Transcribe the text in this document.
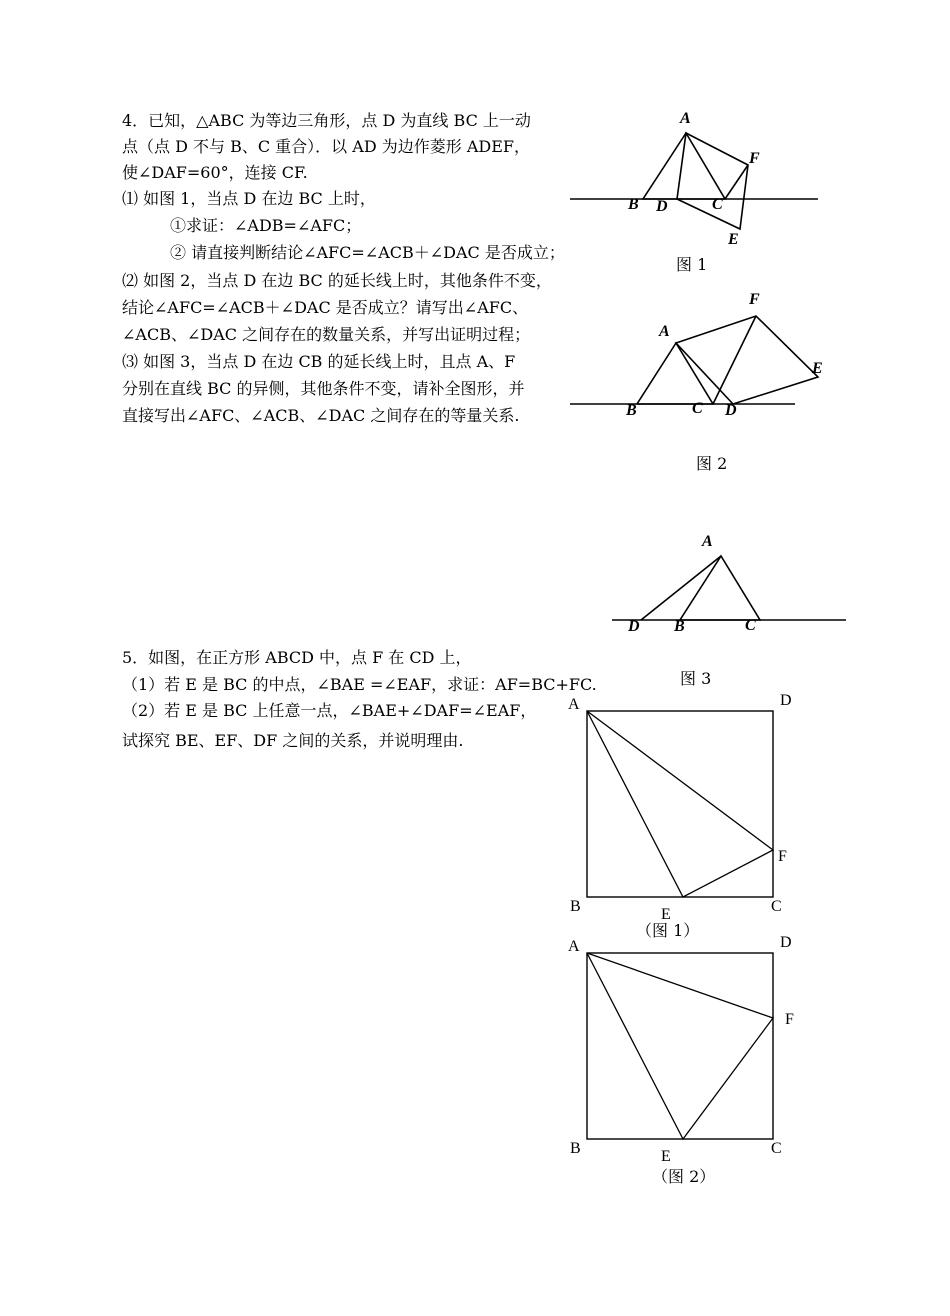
4．已知，△ABC 为等边三角形，点 D 为直线 BC 上一动
点（点 D 不与 B、C 重合）．以 AD 为边作菱形 ADEF，
使∠DAF=60°，连接 CF.
⑴ 如图 1，当点 D 在边 BC 上时，
①求证：∠ADB=∠AFC；
② 请直接判断结论∠AFC=∠ACB＋∠DAC 是否成立；
⑵ 如图 2，当点 D 在边 BC 的延长线上时，其他条件不变，
结论∠AFC=∠ACB＋∠DAC 是否成立？请写出∠AFC、
∠ACB、∠DAC 之间存在的数量关系，并写出证明过程；
⑶ 如图 3，当点 D 在边 CB 的延长线上时，且点 A、F
分别在直线 BC 的异侧，其他条件不变，请补全图形，并
直接写出∠AFC、∠ACB、∠DAC 之间存在的等量关系.
A
B D	C
F
E
图 1
A
F
E
B	C D
图 2
A
D B	C
图 3
5．如图，在正方形 ABCD 中，点 F 在 CD 上，
（1）若 E 是 BC 的中点，∠BAE =∠EAF，求证：AF=BC+FC.
（2）若 E 是 BC 上任意一点，∠BAE+∠DAF=∠EAF，
试探究 BE、EF、DF 之间的关系，并说明理由.
A	D
F
B	E	C
（图 1）
A	D
F
B	E	C
（图 2）
